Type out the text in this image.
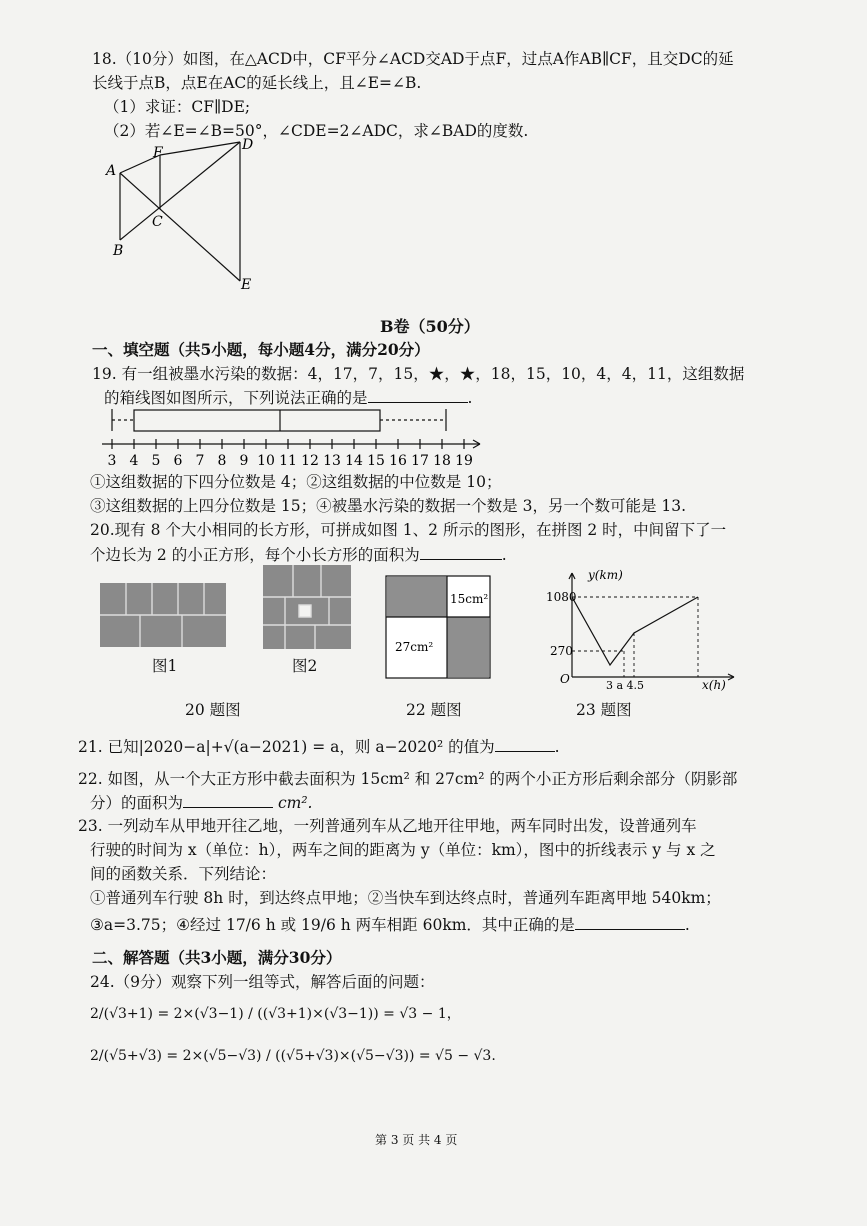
18.（10分）如图，在△ACD中，CF平分∠ACD交AD于点F，过点A作AB∥CF，且交DC的延
长线于点B，点E在AC的延长线上，且∠E=∠B.
（1）求证：CF∥DE;
（2）若∠E=∠B=50°，∠CDE=2∠ADC，求∠BAD的度数.
A
F	D
B
C
E
B卷（50分）
一、填空题（共5小题，每小题4分，满分20分）
19. 有一组被墨水污染的数据：4，17，7，15，★，★，18，15，10，4，4，11，这组数据
的箱线图如图所示，下列说法正确的是	.
3 4 5 6 7 8 9 10 11 12 13 14 15 16 17 18 19
①这组数据的下四分位数是 4；②这组数据的中位数是 10；
③这组数据的上四分位数是 15；④被墨水污染的数据一个数是 3，另一个数可能是 13.
20.现有 8 个大小相同的长方形，可拼成如图 1、2 所示的图形，在拼图 2 时，中间留下了一
个边长为 2 的小正方形，每个小长方形的面积为	.
图1	图2
15cm²
27cm²
y(km)
1080
270
O	3 a 4.5	x(h)
20 题图	22 题图	23 题图
21. 已知|2020−a|+√(a−2021) = a，则 a−2020² 的值为	.
22. 如图，从一个大正方形中截去面积为 15cm² 和 27cm² 的两个小正方形后剩余部分（阴影部
分）的面积为	cm².
23. 一列动车从甲地开往乙地，一列普通列车从乙地开往甲地，两车同时出发，设普通列车
行驶的时间为 x（单位：h），两车之间的距离为 y（单位：km），图中的折线表示 y 与 x 之
间的函数关系．下列结论：
①普通列车行驶 8h 时，到达终点甲地；②当快车到达终点时，普通列车距离甲地 540km；
③a=3.75；④经过 17/6 h 或 19/6 h 两车相距 60km．其中正确的是	.
二、解答题（共3小题，满分30分）
24.（9分）观察下列一组等式，解答后面的问题：
2/(√3+1) = 2×(√3−1) / ((√3+1)×(√3−1)) = √3 − 1，
2/(√5+√3) = 2×(√5−√3) / ((√5+√3)×(√5−√3)) = √5 − √3.
第 3 页 共 4 页
